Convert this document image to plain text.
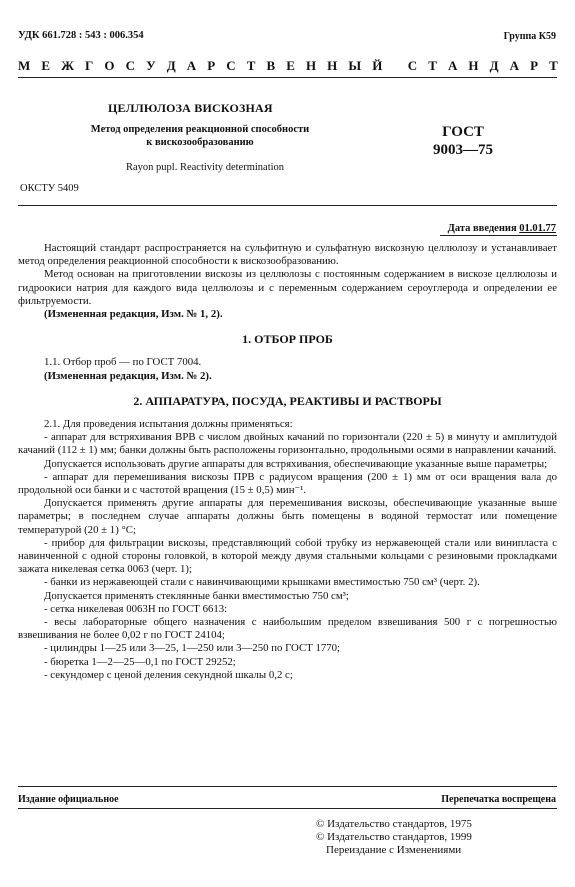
УДК 661.728 : 543 : 006.354	Группа К59
М Е Ж Г О С У Д А Р С Т В Е Н Н Ы Й
С Т А Н Д А Р Т
ЦЕЛЛЮЛОЗА ВИСКОЗНАЯ
Метод определения реакционной способности
к вискозообразованию
Rayon pupl. Reactivity determination
ГОСТ
9003—75
ОКСТУ 5409
Дата введения 01.01.77

Настоящий стандарт распространяется на сульфитную и сульфатную вискозную целлюлозу и устанавливает метод определения реакционной способности к вискозообразованию.

Метод основан на приготовлении вискозы из целлюлозы с постоянным содержанием в вискозе целлюлозы и гидроокиси натрия для каждого вида целлюлозы и с переменным содержанием сероуглерода и определении ее фильтруемости.

(Измененная редакция, Изм. № 1, 2).

1. ОТБОР ПРОБ

1.1. Отбор проб — по ГОСТ 7004.

(Измененная редакция, Изм. № 2).

2. АППАРАТУРА, ПОСУДА, РЕАКТИВЫ И РАСТВОРЫ

2.1. Для проведения испытания должны применяться:

- аппарат для встряхивания ВРВ с числом двойных качаний по горизонтали (220 ± 5) в минуту и амплитудой качаний (112 ± 1) мм; банки должны быть расположены горизонтально, продольными осями в направлении качаний.

Допускается использовать другие аппараты для встряхивания, обеспечивающие указанные выше параметры;

- аппарат для перемешивания вискозы ПРВ с радиусом вращения (200 ± 1) мм от оси вращения вала до продольной оси банки и с частотой вращения (15 ± 0,5) мин⁻¹.

Допускается применять другие аппараты для перемешивания вискозы, обеспечивающие указанные выше параметры; в последнем случае аппараты должны быть помещены в водяной термостат или помещение температурой (20 ± 1) °С;

- прибор для фильтрации вискозы, представляющий собой трубку из нержавеющей стали или винипласта с навинченной с одной стороны головкой, в которой между двумя стальными кольцами с резиновыми прокладками зажата никелевая сетка 0063 (черт. 1);

- банки из нержавеющей стали с навинчивающими крышками вместимостью 750 см³ (черт. 2).

Допускается применять стеклянные банки вместимостью 750 см³;

- сетка никелевая 0063Н по ГОСТ 6613:

- весы лабораторные общего назначения с наибольшим пределом взвешивания 500 г с погрешностью взвешивания не более 0,02 г по ГОСТ 24104;

- цилиндры 1—25 или 3—25, 1—250 или 3—250 по ГОСТ 1770;

- бюретка 1—2—25—0,1 по ГОСТ 29252;

- секундомер с ценой деления секундной шкалы 0,2 с;

Издание официальное	Перепечатка воспрещена
© Издательство стандартов, 1975
© Издательство стандартов, 1999
Переиздание с Изменениями
